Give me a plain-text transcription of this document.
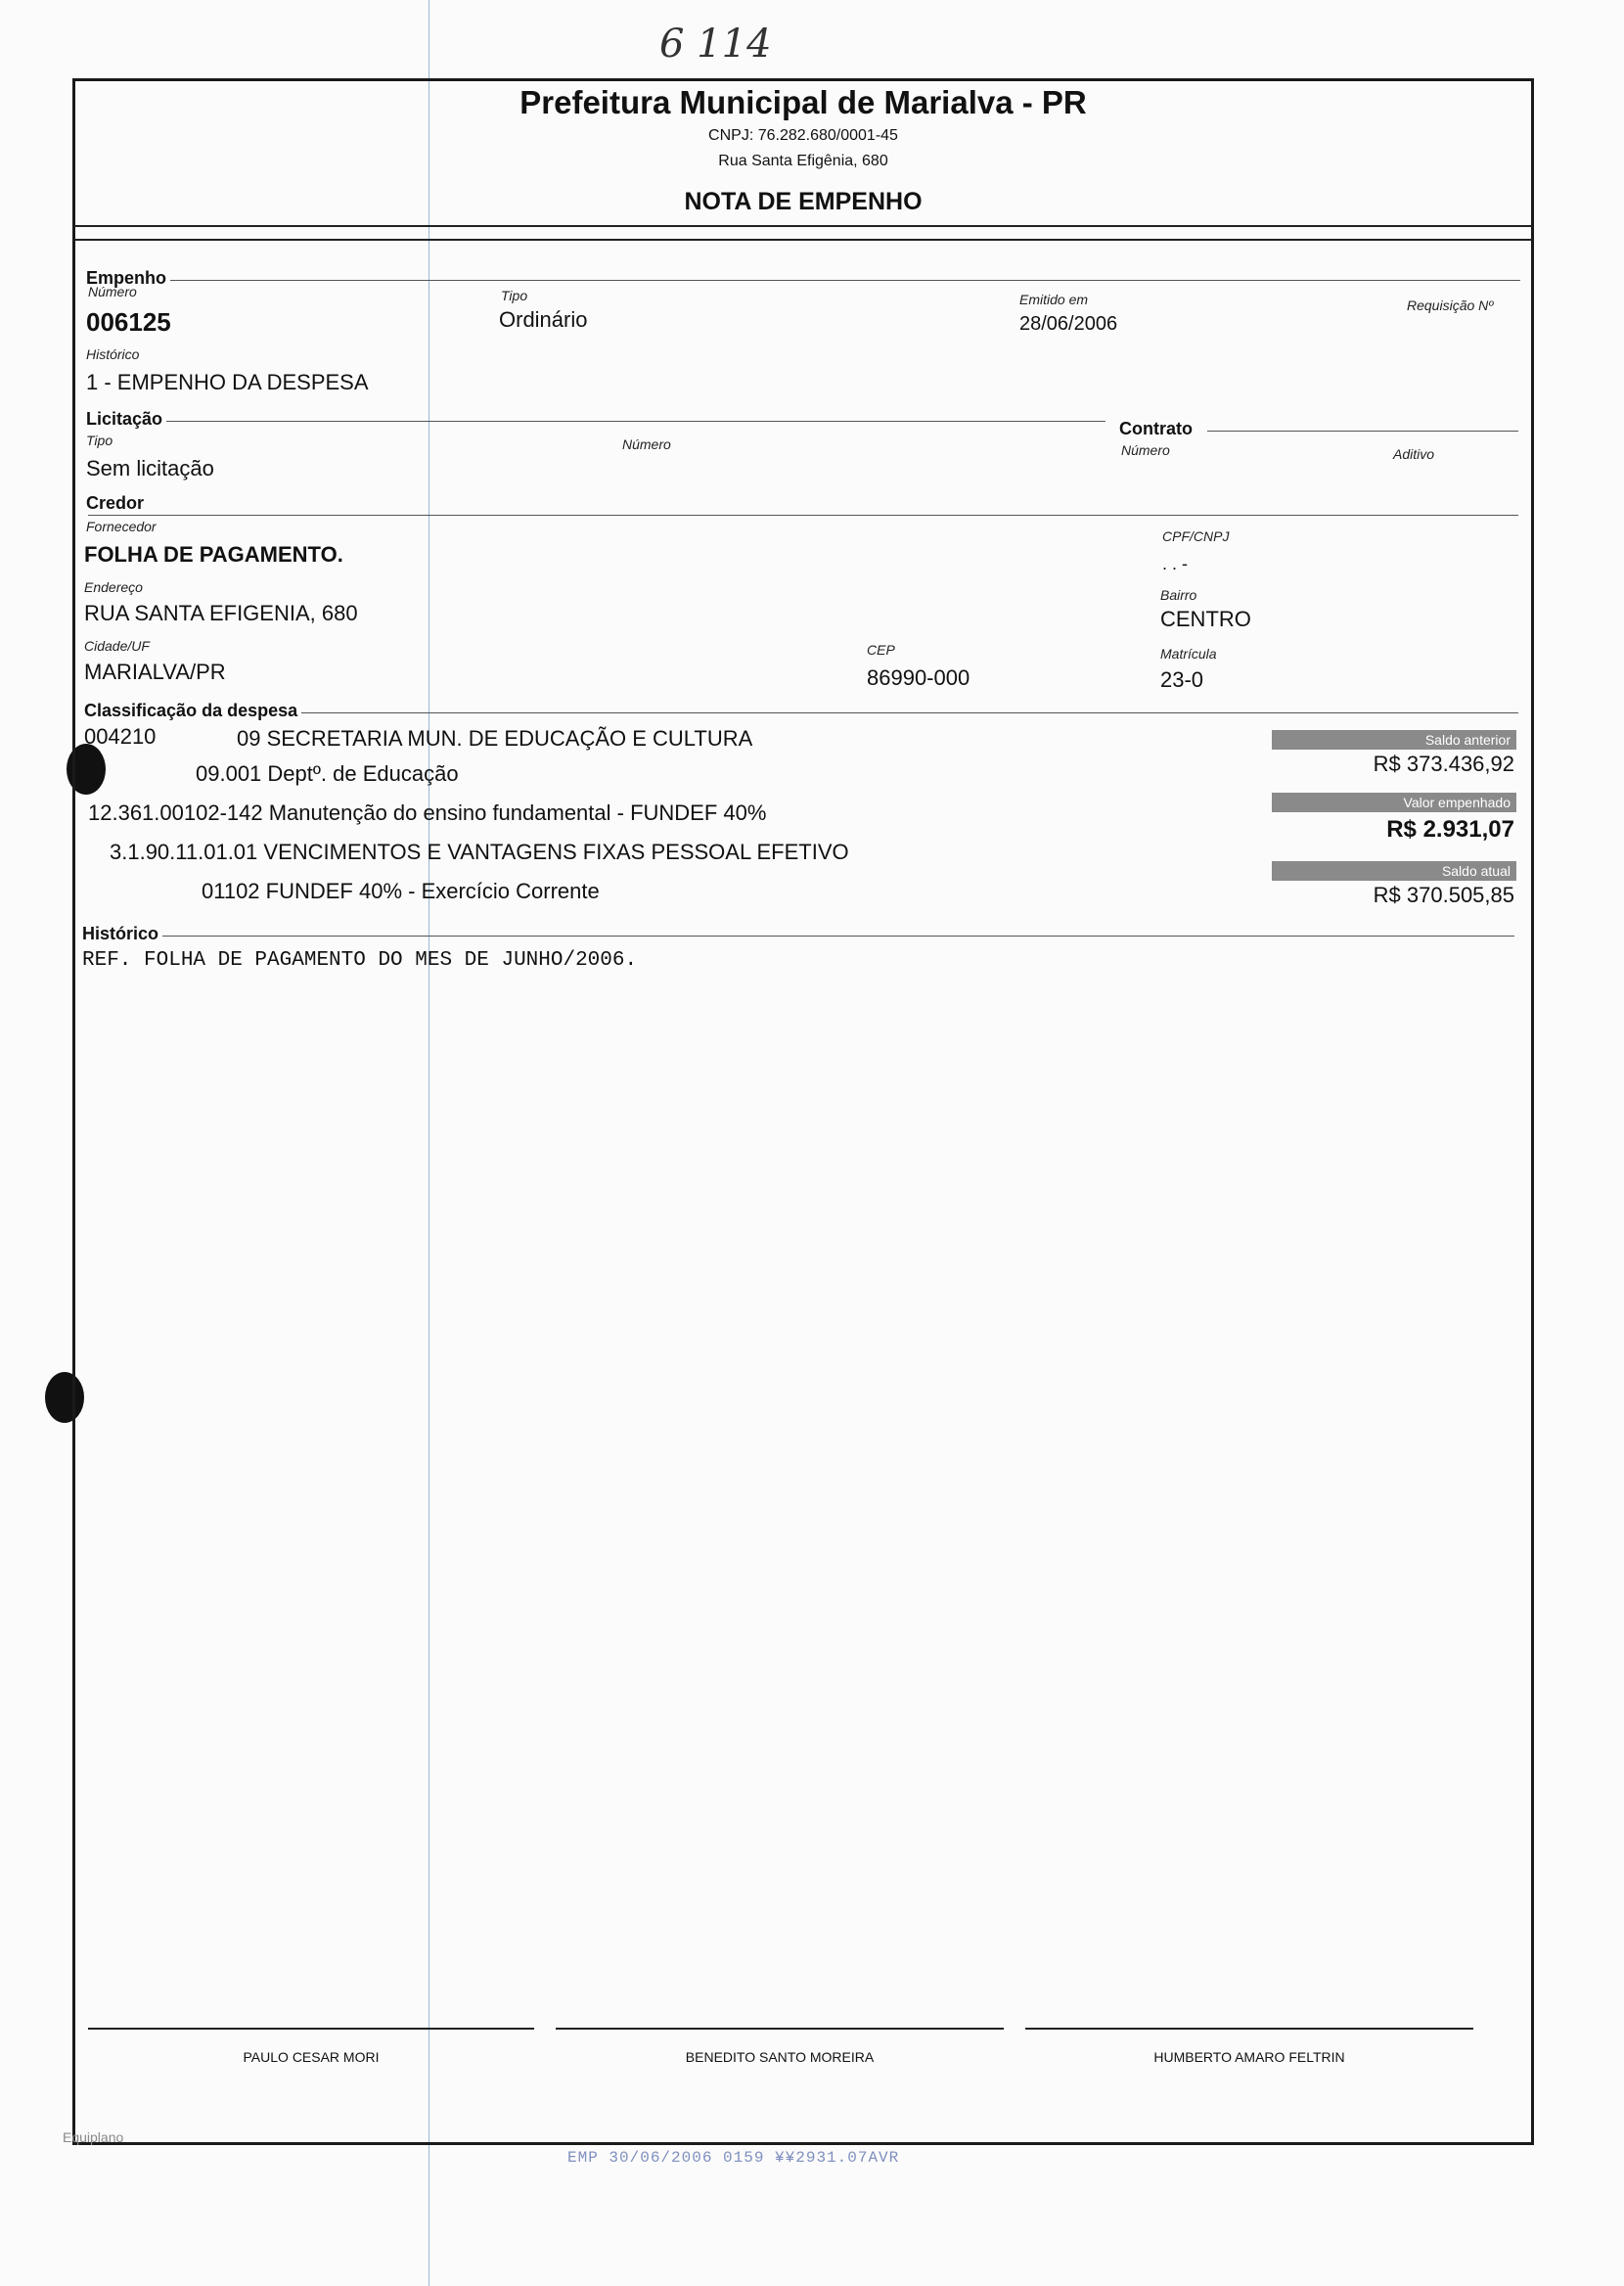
6 114
Prefeitura Municipal de Marialva - PR
CNPJ: 76.282.680/0001-45
Rua Santa Efigênia, 680
NOTA DE EMPENHO
Empenho
Número
006125
Tipo
Ordinário
Emitido em
28/06/2006
Requisição Nº
Histórico
1 - EMPENHO DA DESPESA
Licitação
Tipo
Sem licitação
Número
Contrato
Número	Aditivo
Credor
Fornecedor
FOLHA DE PAGAMENTO.
CPF/CNPJ
. . -
Endereço
RUA SANTA EFIGENIA, 680
Bairro
CENTRO
Cidade/UF
MARIALVA/PR
CEP
86990-000
Matrícula
23-0
Classificação da despesa
004210	09 SECRETARIA MUN. DE EDUCAÇÃO E CULTURA
09.001 Deptº. de Educação
12.361.00102-142 Manutenção do ensino fundamental - FUNDEF 40%
3.1.90.11.01.01 VENCIMENTOS E VANTAGENS FIXAS PESSOAL EFETIVO
01102 FUNDEF 40% - Exercício Corrente
Saldo anterior
R$ 373.436,92
Valor empenhado
R$ 2.931,07
Saldo atual
R$ 370.505,85
Histórico
REF. FOLHA DE PAGAMENTO DO MES DE JUNHO/2006.
PAULO CESAR MORI	BENEDITO SANTO MOREIRA	HUMBERTO AMARO FELTRIN
Equiplano
EMP 30/06/2006 0159 ¥¥2931.07AVR
